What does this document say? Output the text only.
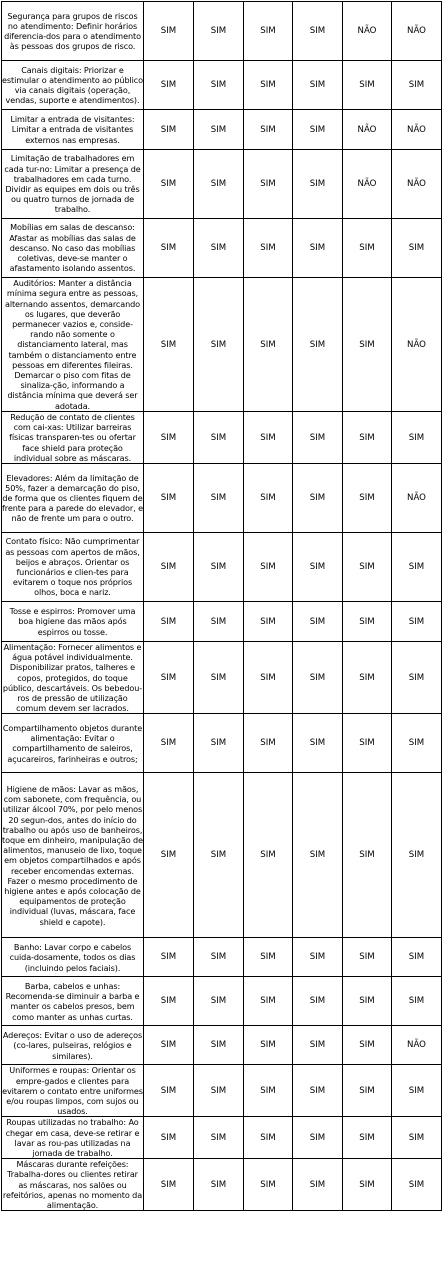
Segurança para grupos de riscos no atendimento: Definir horários diferencia-dos para o atendimento às pessoas dos grupos de risco.	SIM	SIM	SIM	SIM	NÃO	NÃO
Canais digitais: Priorizar e estimular o atendimento ao público via canais digitais (operação, vendas, suporte e atendimentos).	SIM	SIM	SIM	SIM	SIM	SIM
Limitar a entrada de visitantes: Limitar a entrada de visitantes externos nas empresas.	SIM	SIM	SIM	SIM	NÃO	NÃO
Limitação de trabalhadores em cada tur-no: Limitar a presença de trabalhadores em cada turno. Dividir as equipes em dois ou três ou quatro turnos de jornada de trabalho.	SIM	SIM	SIM	SIM	NÃO	NÃO
Mobílias em salas de descanso: Afastar as mobílias das salas de descanso. No caso das mobílias coletivas, deve-se manter o afastamento isolando assentos.	SIM	SIM	SIM	SIM	SIM	SIM
Auditórios: Manter a distância mínima segura entre as pessoas, alternando assentos, demarcando os lugares, que deverão permanecer vazios e, conside-rando não somente o distanciamento lateral, mas também o distanciamento entre pessoas em diferentes fileiras. Demarcar o piso com fitas de sinaliza-ção, informando a distância mínima que deverá ser adotada.	SIM	SIM	SIM	SIM	SIM	NÃO
Redução de contato de clientes com cai-xas: Utilizar barreiras físicas transparen-tes ou ofertar face shield para proteção individual sobre as máscaras.	SIM	SIM	SIM	SIM	SIM	SIM
Elevadores: Além da limitação de 50%, fazer a demarcação do piso, de forma que os clientes fiquem de frente para a parede do elevador, e não de frente um para o outro.	SIM	SIM	SIM	SIM	SIM	NÃO
Contato físico: Não cumprimentar as pessoas com apertos de mãos, beijos e abraços. Orientar os funcionários e clien-tes para evitarem o toque nos próprios olhos, boca e nariz.	SIM	SIM	SIM	SIM	SIM	SIM
Tosse e espirros: Promover uma boa higiene das mãos após espirros ou tosse.	SIM	SIM	SIM	SIM	SIM	SIM
Alimentação: Fornecer alimentos e água potável individualmente. Disponibilizar pratos, talheres e copos, protegidos, do toque público, descartáveis. Os bebedou-ros de pressão de utilização comum devem ser lacrados.	SIM	SIM	SIM	SIM	SIM	SIM
Compartilhamento objetos durante alimentação: Evitar o compartilhamento de saleiros, açucareiros, farinheiras e outros;	SIM	SIM	SIM	SIM	SIM	SIM
Higiene de mãos: Lavar as mãos, com sabonete, com frequência, ou utilizar álcool 70%, por pelo menos 20 segun-dos, antes do início do trabalho ou após uso de banheiros, toque em dinheiro, manipulação de alimentos, manuseio de lixo, toque em objetos compartilhados e após receber encomendas externas. Fazer o mesmo procedimento de higiene antes e após colocação de equipamentos de proteção individual (luvas, máscara, face shield e capote).	SIM	SIM	SIM	SIM	SIM	SIM
Banho: Lavar corpo e cabelos cuida-dosamente, todos os dias (incluindo pelos faciais).	SIM	SIM	SIM	SIM	SIM	SIM
Barba, cabelos e unhas: Recomenda-se diminuir a barba e manter os cabelos presos, bem como manter as unhas curtas.	SIM	SIM	SIM	SIM	SIM	SIM
Adereços: Evitar o uso de adereços (co-lares, pulseiras, relógios e similares).	SIM	SIM	SIM	SIM	SIM	NÃO
Uniformes e roupas: Orientar os empre-gados e clientes para evitarem o contato entre uniformes e/ou roupas limpos, com sujos ou usados.	SIM	SIM	SIM	SIM	SIM	SIM
Roupas utilizadas no trabalho: Ao chegar em casa, deve-se retirar e lavar as rou-pas utilizadas na jornada de trabalho.	SIM	SIM	SIM	SIM	SIM	SIM
Máscaras durante refeições: Trabalha-dores ou clientes retirar as máscaras, nos salões ou refeitórios, apenas no momento da alimentação.	SIM	SIM	SIM	SIM	SIM	SIM
